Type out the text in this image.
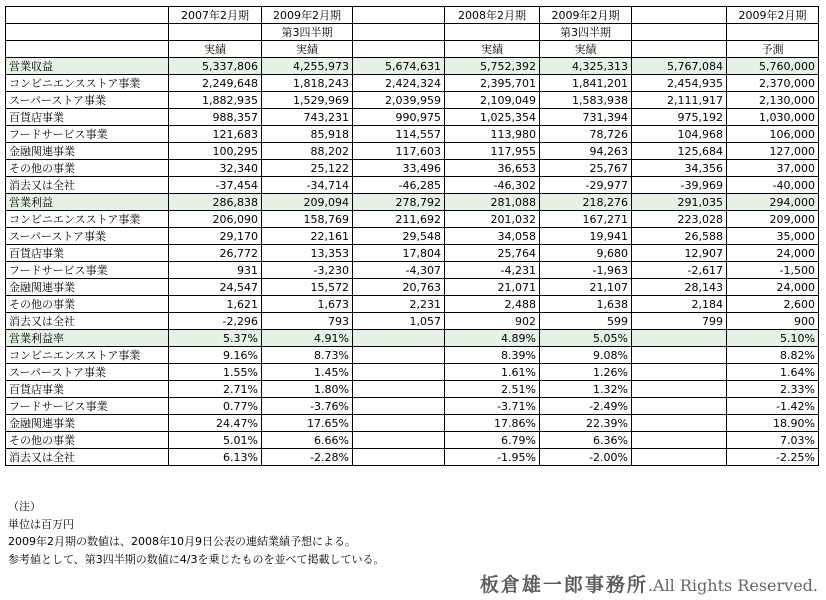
	2007年2月期	2009年2月期		2008年2月期	2009年2月期		2009年2月期
		第3四半期			第3四半期		
	実績	実績		実績	実績		予測
営業収益	5,337,806	4,255,973	5,674,631	5,752,392	4,325,313	5,767,084	5,760,000
コンビニエンスストア事業	2,249,648	1,818,243	2,424,324	2,395,701	1,841,201	2,454,935	2,370,000
スーパーストア事業	1,882,935	1,529,969	2,039,959	2,109,049	1,583,938	2,111,917	2,130,000
百貨店事業	988,357	743,231	990,975	1,025,354	731,394	975,192	1,030,000
フードサービス事業	121,683	85,918	114,557	113,980	78,726	104,968	106,000
金融関連事業	100,295	88,202	117,603	117,955	94,263	125,684	127,000
その他の事業	32,340	25,122	33,496	36,653	25,767	34,356	37,000
消去又は全社	-37,454	-34,714	-46,285	-46,302	-29,977	-39,969	-40,000
営業利益	286,838	209,094	278,792	281,088	218,276	291,035	294,000
コンビニエンスストア事業	206,090	158,769	211,692	201,032	167,271	223,028	209,000
スーパーストア事業	29,170	22,161	29,548	34,058	19,941	26,588	35,000
百貨店事業	26,772	13,353	17,804	25,764	9,680	12,907	24,000
フードサービス事業	931	-3,230	-4,307	-4,231	-1,963	-2,617	-1,500
金融関連事業	24,547	15,572	20,763	21,071	21,107	28,143	24,000
その他の事業	1,621	1,673	2,231	2,488	1,638	2,184	2,600
消去又は全社	-2,296	793	1,057	902	599	799	900
営業利益率	5.37%	4.91%		4.89%	5.05%		5.10%
コンビニエンスストア事業	9.16%	8.73%		8.39%	9.08%		8.82%
スーパーストア事業	1.55%	1.45%		1.61%	1.26%		1.64%
百貨店事業	2.71%	1.80%		2.51%	1.32%		2.33%
フードサービス事業	0.77%	-3.76%		-3.71%	-2.49%		-1.42%
金融関連事業	24.47%	17.65%		17.86%	22.39%		18.90%
その他の事業	5.01%	6.66%		6.79%	6.36%		7.03%
消去又は全社	6.13%	-2.28%		-1.95%	-2.00%		-2.25%
（注）
単位は百万円
2009年2月期の数値は、2008年10月9日公表の連結業績予想による。
参考値として、第3四半期の数値に4/3を乗じたものを並べて掲載している。
板倉雄一郎事務所.All Rights Reserved.
